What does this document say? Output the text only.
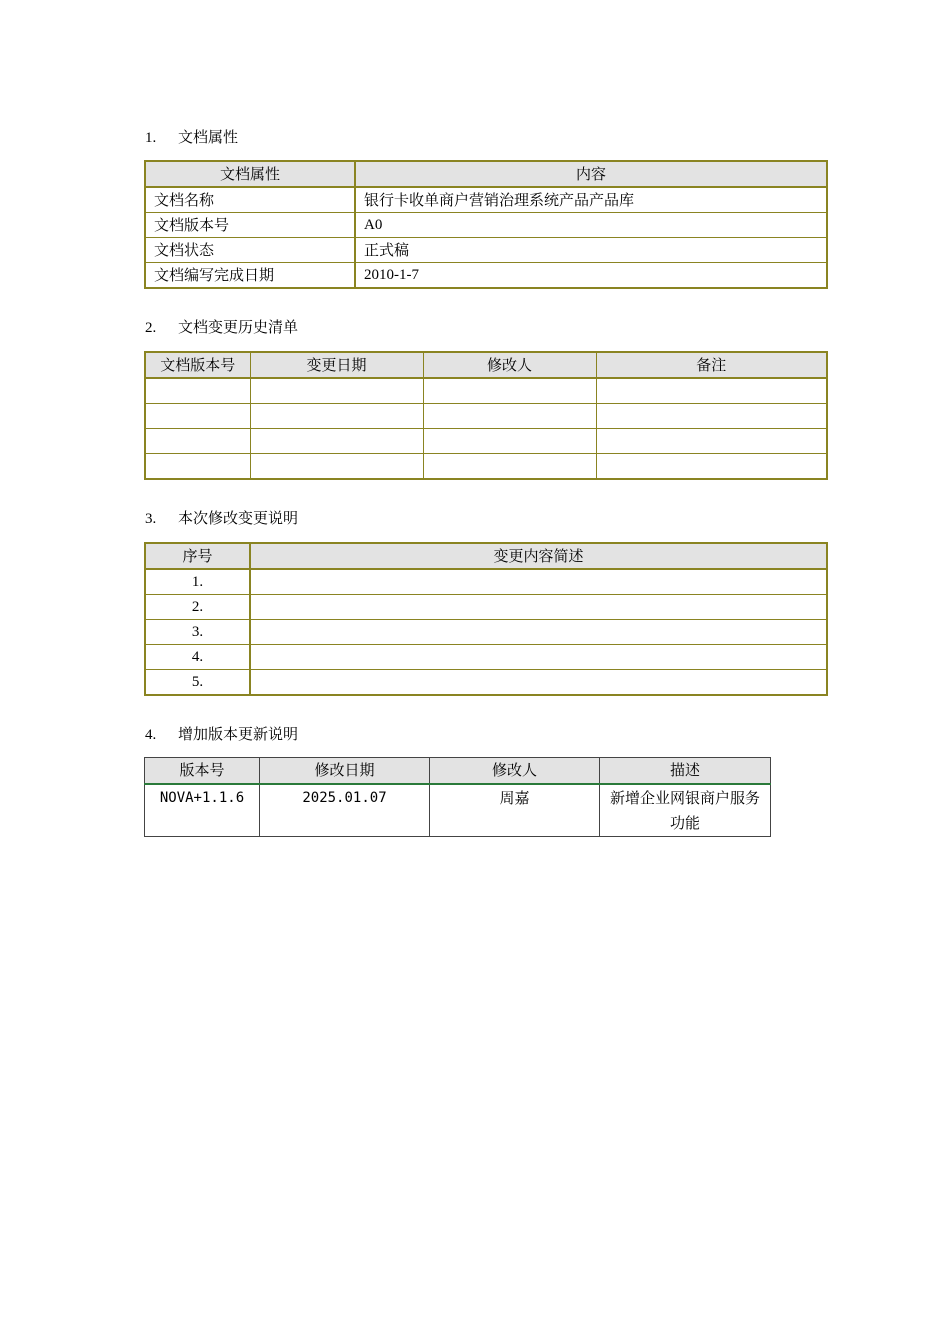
1. 文档属性
文档属性	内容
文档名称	银行卡收单商户营销治理系统产品产品库
文档版本号	A0
文档状态	正式稿
文档编写完成日期	2010-1-7
2. 文档变更历史清单
文档版本号	变更日期	修改人	备注

3. 本次修改变更说明
序号	变更内容简述
1.	
2.	
3.	
4.	
5.	
4. 增加版本更新说明
版本号	修改日期	修改人	描述
NOVA+1.1.6	2025.01.07	周嘉	新增企业网银商户服务功能
